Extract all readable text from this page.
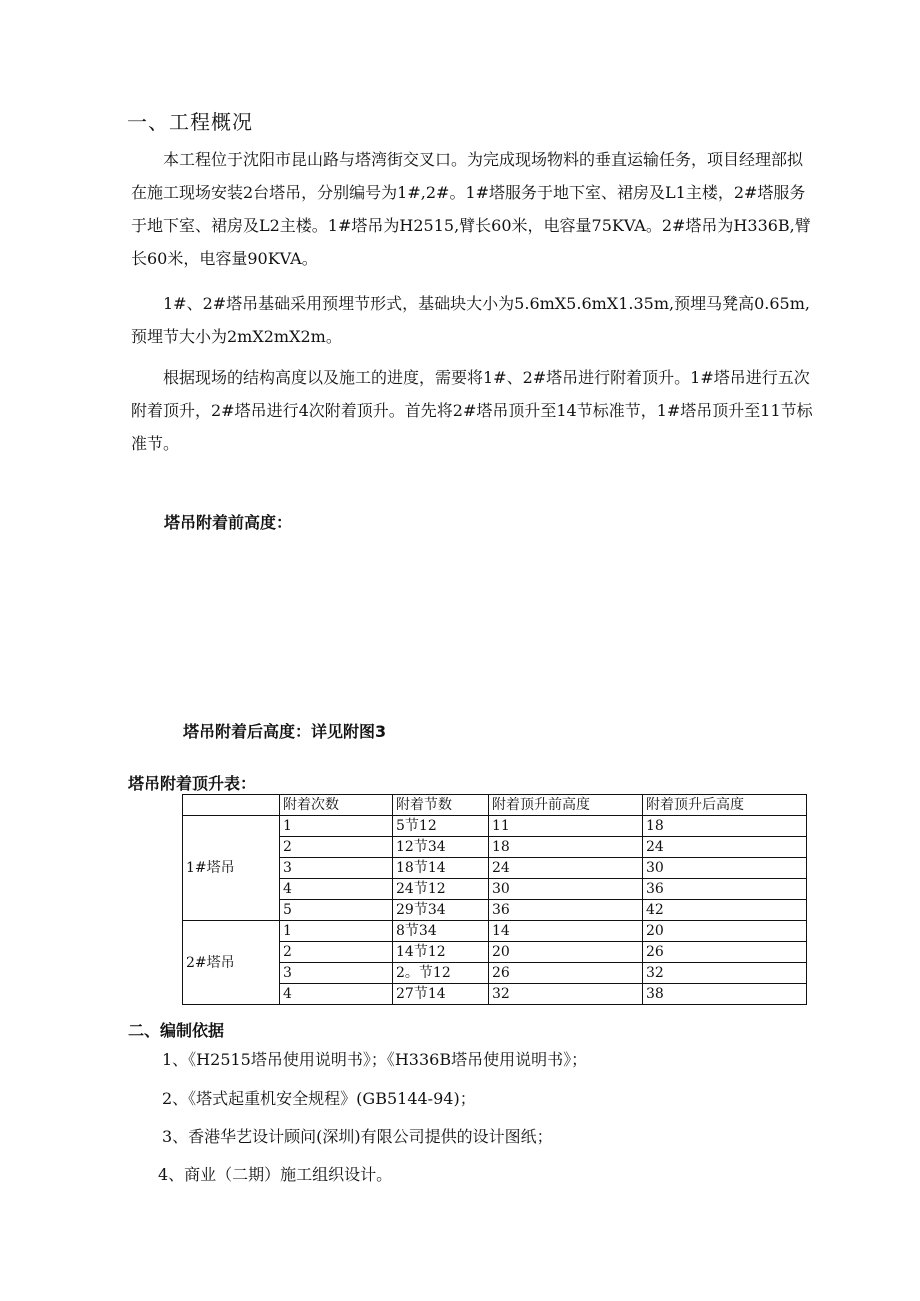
一、工程概况

本工程位于沈阳市昆山路与塔湾街交叉口。为完成现场物料的垂直运输任务，项目经理部拟在施工现场安装2台塔吊，分别编号为1#,2#。1#塔服务于地下室、裙房及L1主楼，2#塔服务于地下室、裙房及L2主楼。1#塔吊为H2515,臂长60米，电容量75KVA。2#塔吊为H336B,臂长60米，电容量90KVA。

1#、2#塔吊基础采用预埋节形式，基础块大小为5.6mX5.6mX1.35m,预埋马凳高0.65m,预埋节大小为2mX2mX2m。

根据现场的结构高度以及施工的进度，需要将1#、2#塔吊进行附着顶升。1#塔吊进行五次附着顶升，2#塔吊进行4次附着顶升。首先将2#塔吊顶升至14节标准节，1#塔吊顶升至11节标准节。

塔吊附着前高度：
塔吊附着后高度：详见附图3
塔吊附着顶升表：
	附着次数	附着节数	附着顶升前高度	附着顶升后高度
1#塔吊	1	5节12	11	18
	2	12节34	18	24
	3	18节14	24	30
	4	24节12	30	36
	5	29节34	36	42
2#塔吊	1	8节34	14	20
	2	14节12	20	26
	3	2。节12	26	32
	4	27节14	32	38
二、编制依据
1、《H2515塔吊使用说明书》；《H336B塔吊使用说明书》；
2、《塔式起重机安全规程》(GB5144-94)；
3、香港华艺设计顾问(深圳)有限公司提供的设计图纸；
4、商业（二期）施工组织设计。
